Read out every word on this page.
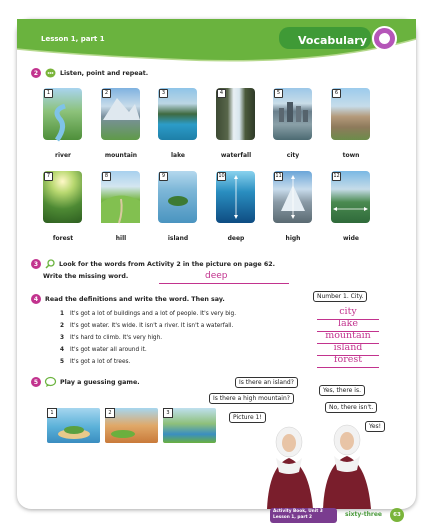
Lesson 1, part 1	Vocabulary
2	Listen, point and repeat.
1	2	3	4	5	6
river	mountain	lake	waterfall	city	town
7	8	9	10	11	12
forest	hill	island	deep	high	wide
3	Look for the words from Activity 2 in the picture on page 62.
Write the missing word.	deep
4	Read the definitions and write the word. Then say.	Number 1. City.
1 It's got a lot of buildings and a lot of people. It's very big.
2 It's got water. It's wide. It isn't a river. It isn't a waterfall.
3 It's hard to climb. It's very high.
4 It's got water all around it.
5 It's got a lot of trees.
city
lake
mountain
island
forest
5	Play a guessing game.
1	2	3
Is there an island?
Is there a high mountain?
Picture 1!
Yes, there is.
No, there isn't.
Yes!
Activity Book, Unit 3
Lesson 1, part 2	sixty-three	63
